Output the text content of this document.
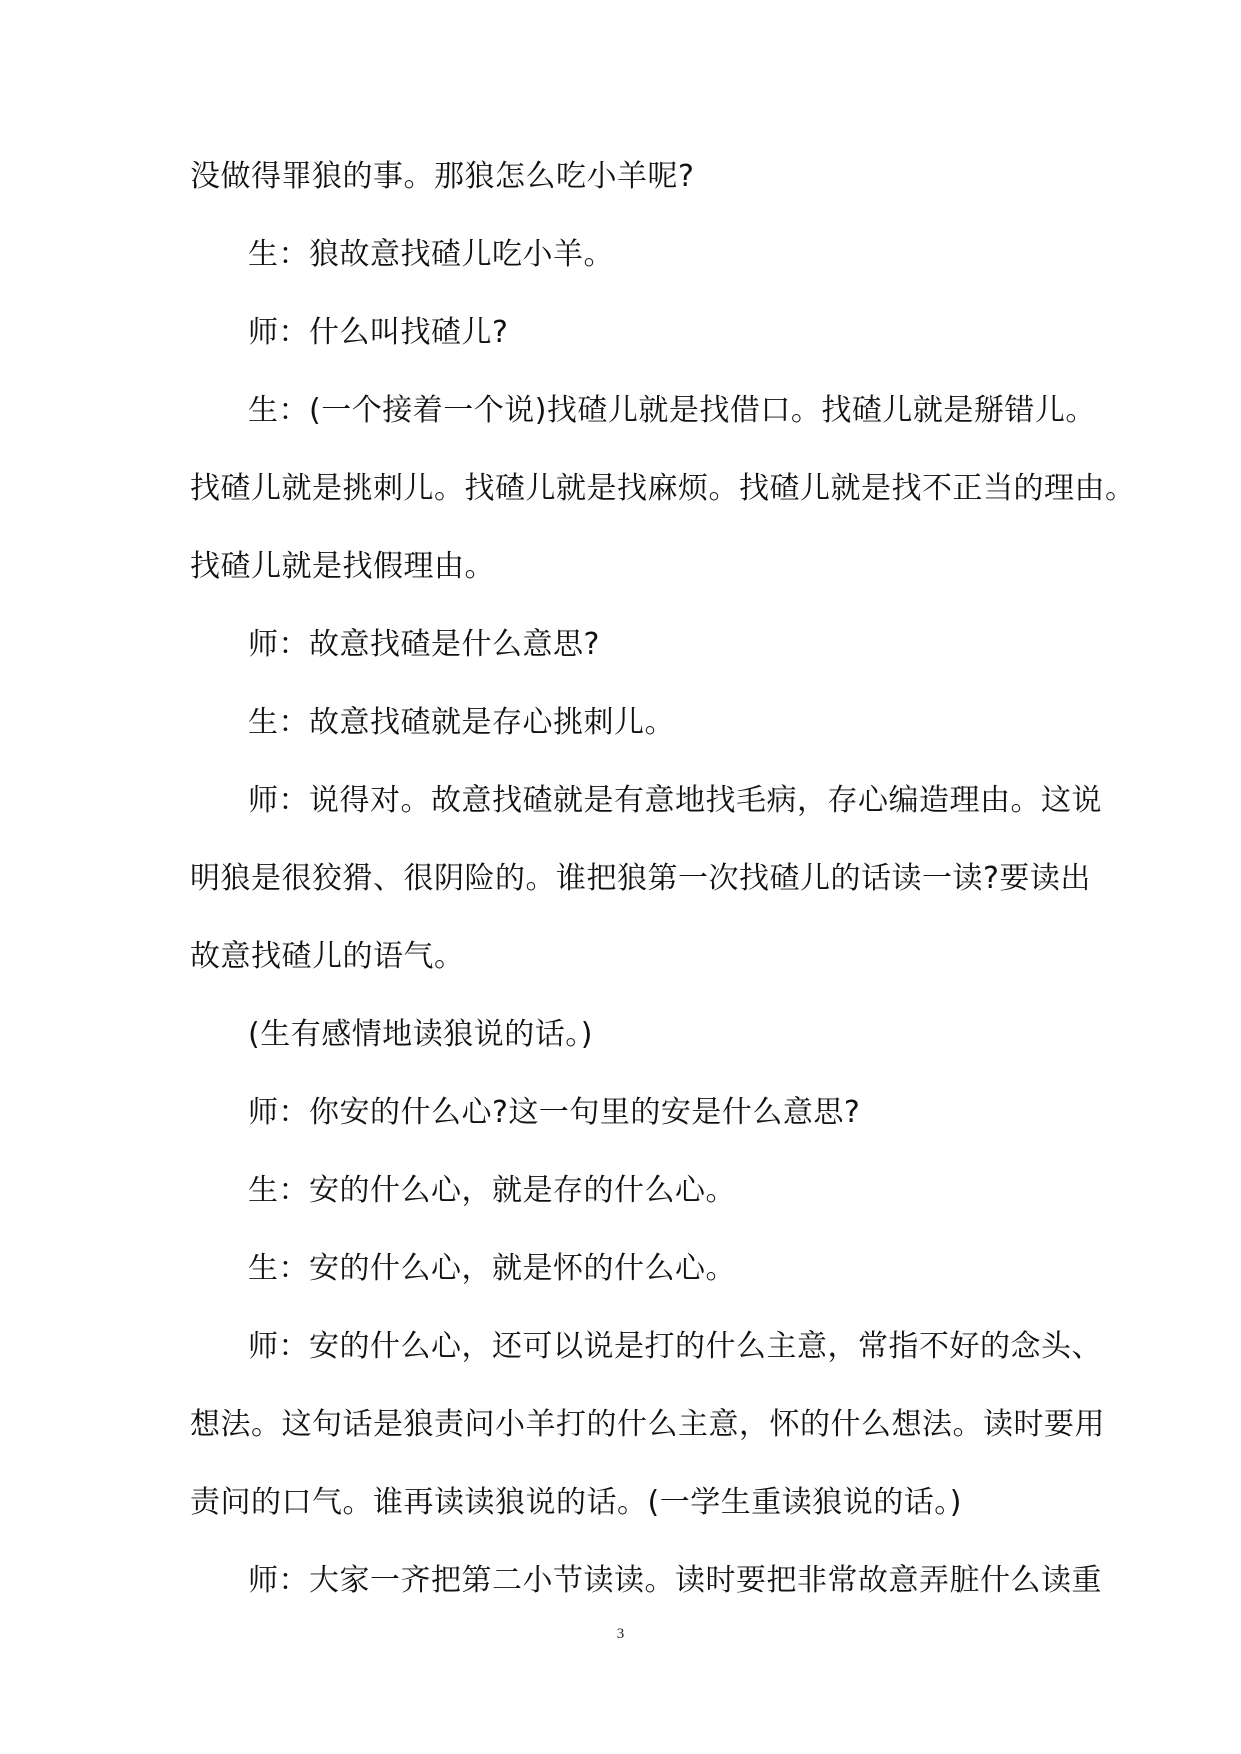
没做得罪狼的事。那狼怎么吃小羊呢?
生：狼故意找碴儿吃小羊。
师：什么叫找碴儿?
生：(一个接着一个说)找碴儿就是找借口。找碴儿就是掰错儿。
找碴儿就是挑刺儿。找碴儿就是找麻烦。找碴儿就是找不正当的理由。
找碴儿就是找假理由。
师：故意找碴是什么意思?
生：故意找碴就是存心挑刺儿。
师：说得对。故意找碴就是有意地找毛病，存心编造理由。这说
明狼是很狡猾、很阴险的。谁把狼第一次找碴儿的话读一读?要读出
故意找碴儿的语气。
(生有感情地读狼说的话。)
师：你安的什么心?这一句里的安是什么意思?
生：安的什么心，就是存的什么心。
生：安的什么心，就是怀的什么心。
师：安的什么心，还可以说是打的什么主意，常指不好的念头、
想法。这句话是狼责问小羊打的什么主意，怀的什么想法。读时要用
责问的口气。谁再读读狼说的话。(一学生重读狼说的话。)
师：大家一齐把第二小节读读。读时要把非常故意弄脏什么读重
3
